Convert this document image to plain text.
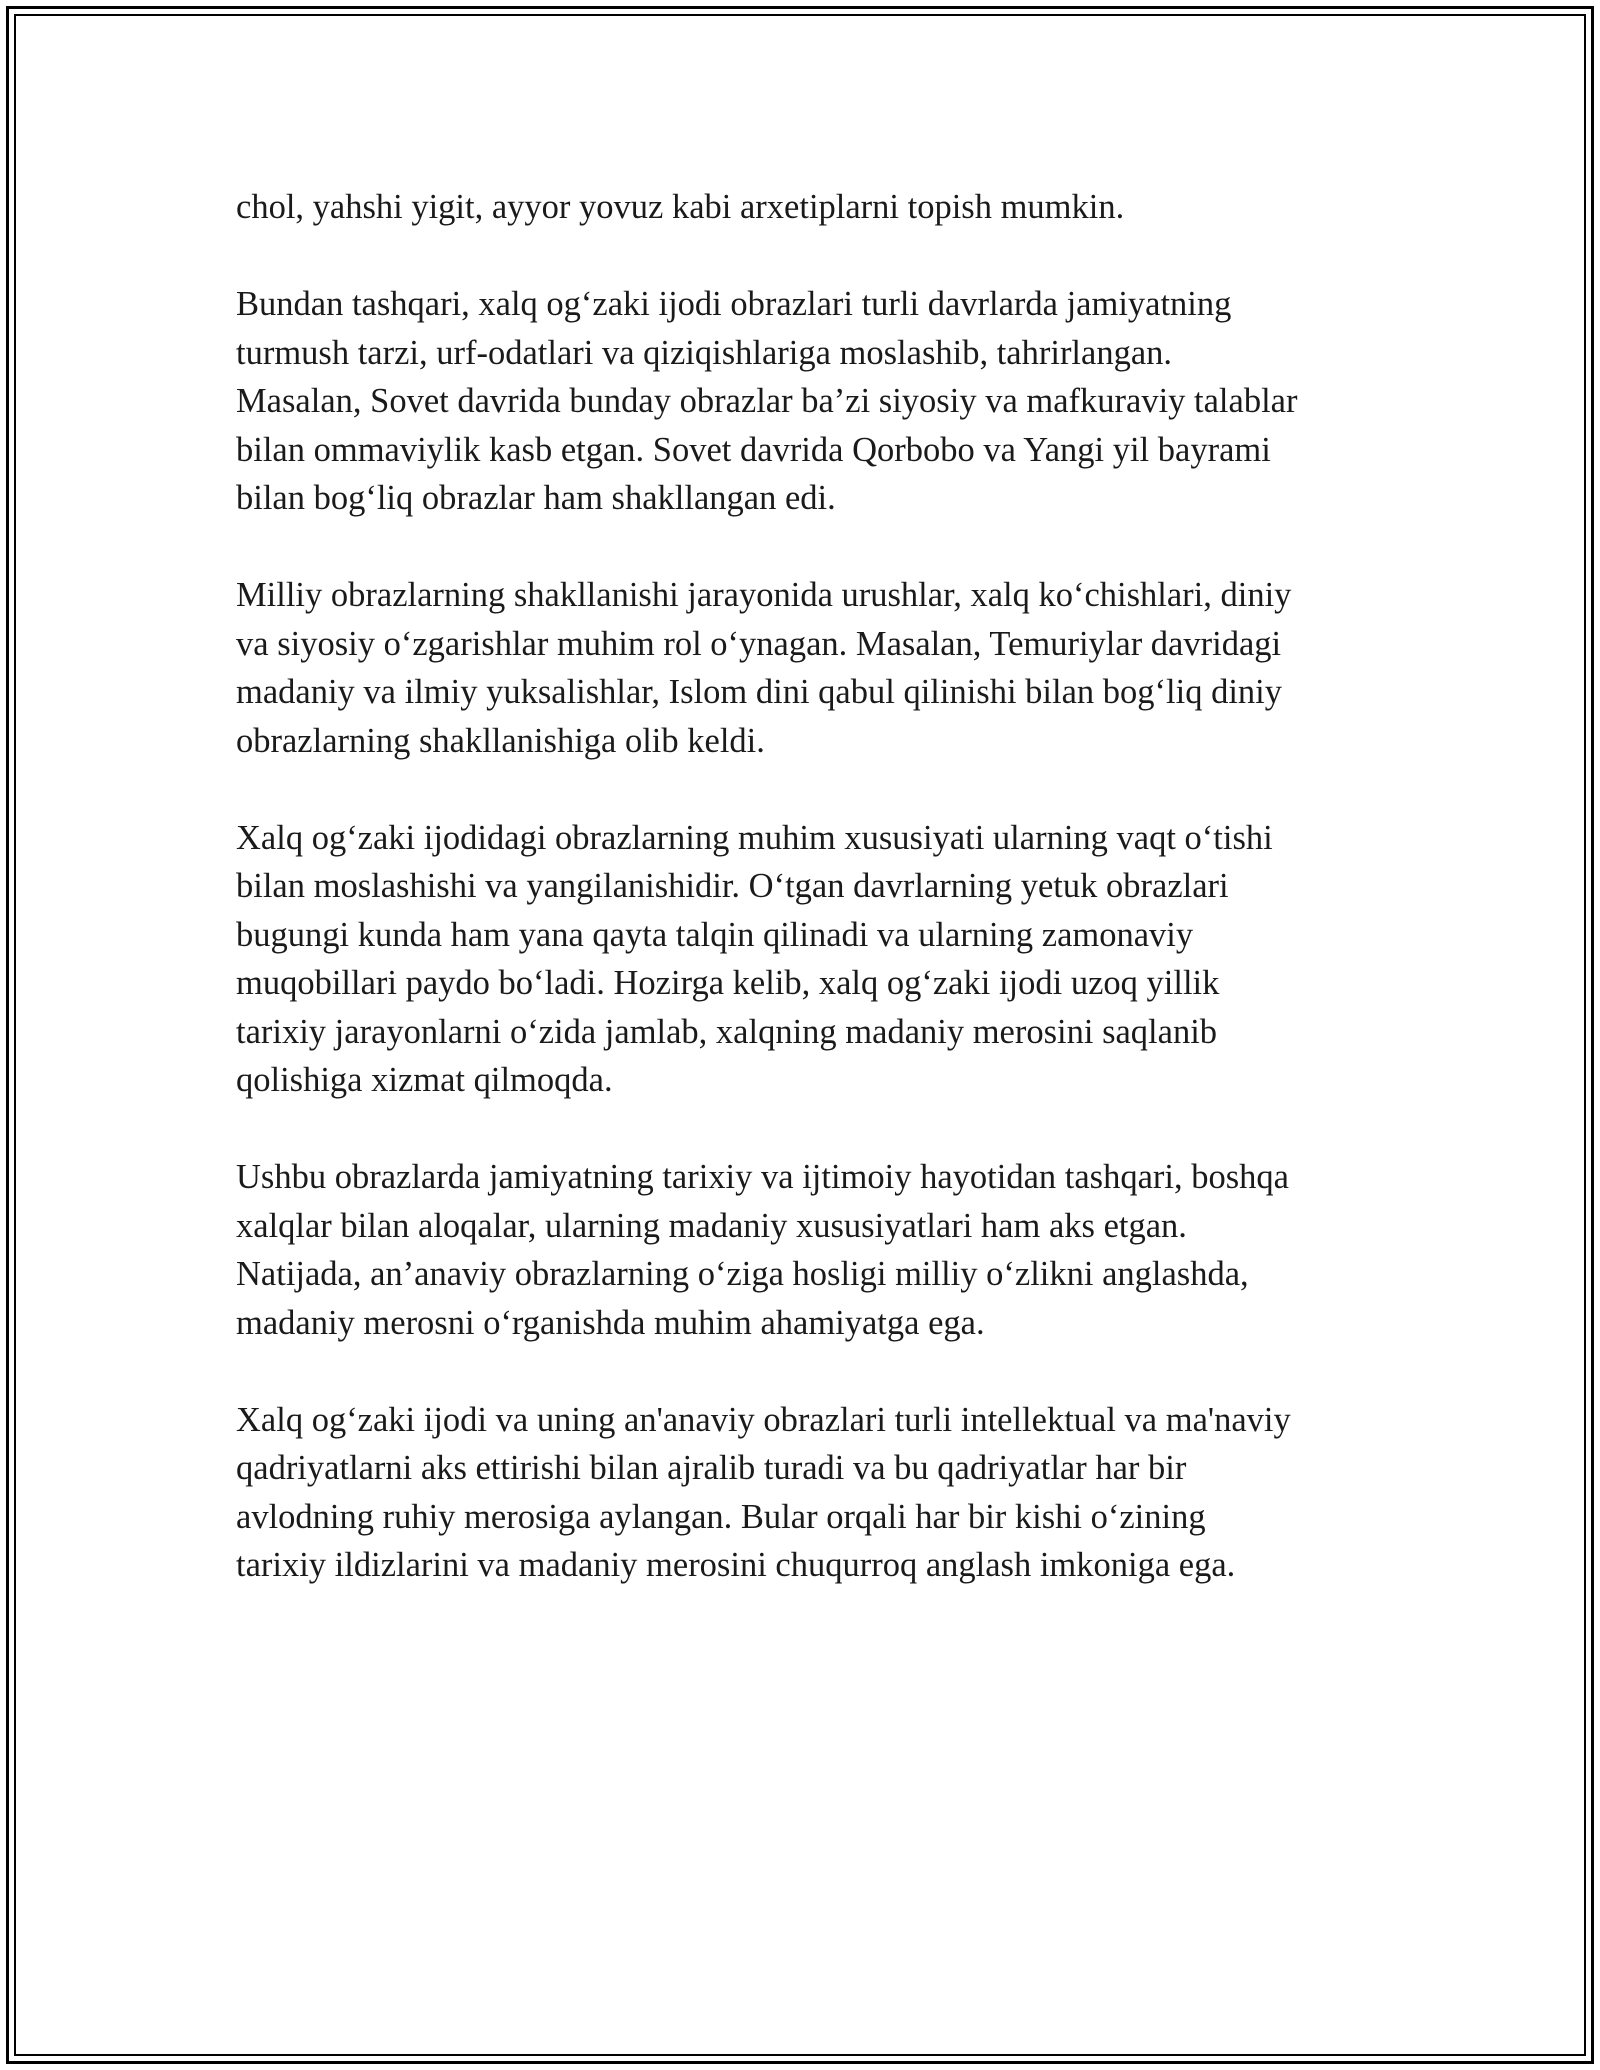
chol, yahshi yigit, ayyor yovuz kabi arxetiplarni topish mumkin.

Bundan tashqari, xalq og‘zaki ijodi obrazlari turli davrlarda jamiyatning
turmush tarzi, urf-odatlari va qiziqishlariga moslashib, tahrirlangan.
Masalan, Sovet davrida bunday obrazlar ba’zi siyosiy va mafkuraviy talablar
bilan ommaviylik kasb etgan. Sovet davrida Qorbobo va Yangi yil bayrami
bilan bog‘liq obrazlar ham shakllangan edi.

Milliy obrazlarning shakllanishi jarayonida urushlar, xalq ko‘chishlari, diniy
va siyosiy o‘zgarishlar muhim rol o‘ynagan. Masalan, Temuriylar davridagi
madaniy va ilmiy yuksalishlar, Islom dini qabul qilinishi bilan bog‘liq diniy
obrazlarning shakllanishiga olib keldi.

Xalq og‘zaki ijodidagi obrazlarning muhim xususiyati ularning vaqt o‘tishi
bilan moslashishi va yangilanishidir. O‘tgan davrlarning yetuk obrazlari
bugungi kunda ham yana qayta talqin qilinadi va ularning zamonaviy
muqobillari paydo bo‘ladi. Hozirga kelib, xalq og‘zaki ijodi uzoq yillik
tarixiy jarayonlarni o‘zida jamlab, xalqning madaniy merosini saqlanib
qolishiga xizmat qilmoqda.

Ushbu obrazlarda jamiyatning tarixiy va ijtimoiy hayotidan tashqari, boshqa
xalqlar bilan aloqalar, ularning madaniy xususiyatlari ham aks etgan.
Natijada, an’anaviy obrazlarning o‘ziga hosligi milliy o‘zlikni anglashda,
madaniy merosni o‘rganishda muhim ahamiyatga ega.

Xalq og‘zaki ijodi va uning an'anaviy obrazlari turli intellektual va ma'naviy
qadriyatlarni aks ettirishi bilan ajralib turadi va bu qadriyatlar har bir
avlodning ruhiy merosiga aylangan. Bular orqali har bir kishi o‘zining
tarixiy ildizlarini va madaniy merosini chuqurroq anglash imkoniga ega.
